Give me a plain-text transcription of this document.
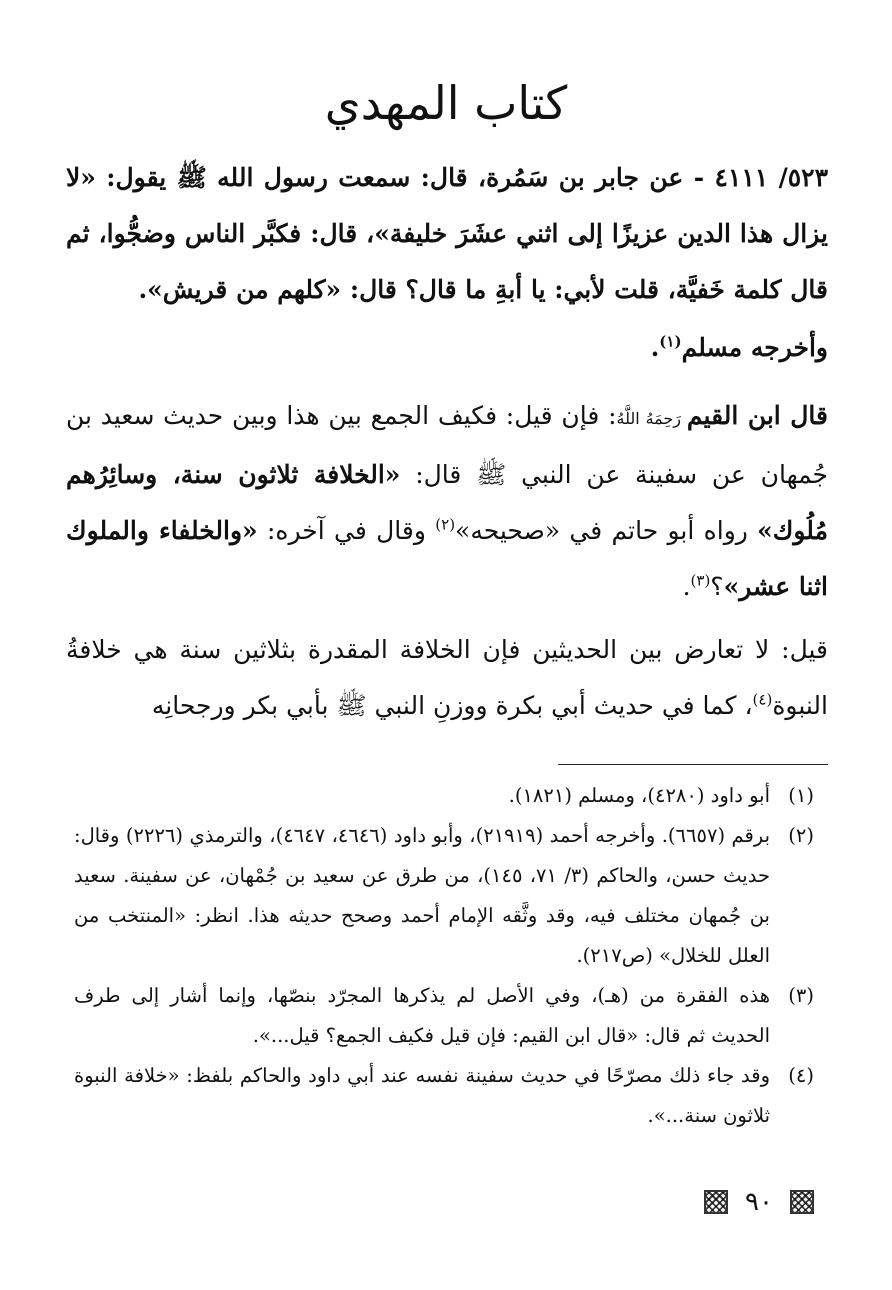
كتاب المهدي
٥٢٣/ ٤١١١ - عن جابر بن سَمُرة، قال: سمعت رسول الله ﷺ يقول: «لا يزال هذا الدين عزيزًا إلى اثني عشَرَ خليفة»، قال: فكبَّر الناس وضجُّوا، ثم قال كلمة خَفيَّة، قلت لأبي: يا أبةِ ما قال؟ قال: «كلهم من قريش».
وأخرجه مسلم$^{(١)}$.
قال ابن القيم رَحِمَهُ اللَّهُ: فإن قيل: فكيف الجمع بين هذا وبين حديث سعيد بن جُمهان عن سفينة عن النبي ﷺ قال: «الخلافة ثلاثون سنة، وسائِرُهم مُلُوك» رواه أبو حاتم في «صحيحه»$^{(٢)}$ وقال في آخره: «والخلفاء والملوك اثنا عشر»؟$^{(٣)}$.
قيل: لا تعارض بين الحديثين فإن الخلافة المقدرة بثلاثين سنة هي خلافةُ النبوة$^{(٤)}$، كما في حديث أبي بكرة ووزنِ النبي ﷺ بأبي بكر ورجحانِه
(١)
أبو داود (٤٢٨٠)، ومسلم (١٨٢١).
(٢)
برقم (٦٦٥٧). وأخرجه أحمد (٢١٩١٩)، وأبو داود (٤٦٤٦، ٤٦٤٧)، والترمذي (٢٢٢٦) وقال: حديث حسن، والحاكم (٣/ ٧١، ١٤٥)، من طرق عن سعيد بن جُمْهان، عن سفينة. سعيد بن جُمهان مختلف فيه، وقد وثَّقه الإمام أحمد وصحح حديثه هذا. انظر: «المنتخب من العلل للخلال» (ص٢١٧).
(٣)
هذه الفقرة من (هـ)، وفي الأصل لم يذكرها المجرّد بنصّها، وإنما أشار إلى طرف الحديث ثم قال: «قال ابن القيم: فإن قيل فكيف الجمع؟ قيل...».
(٤)
وقد جاء ذلك مصرّحًا في حديث سفينة نفسه عند أبي داود والحاكم بلفظ: «خلافة النبوة ثلاثون سنة...».
٩٠
